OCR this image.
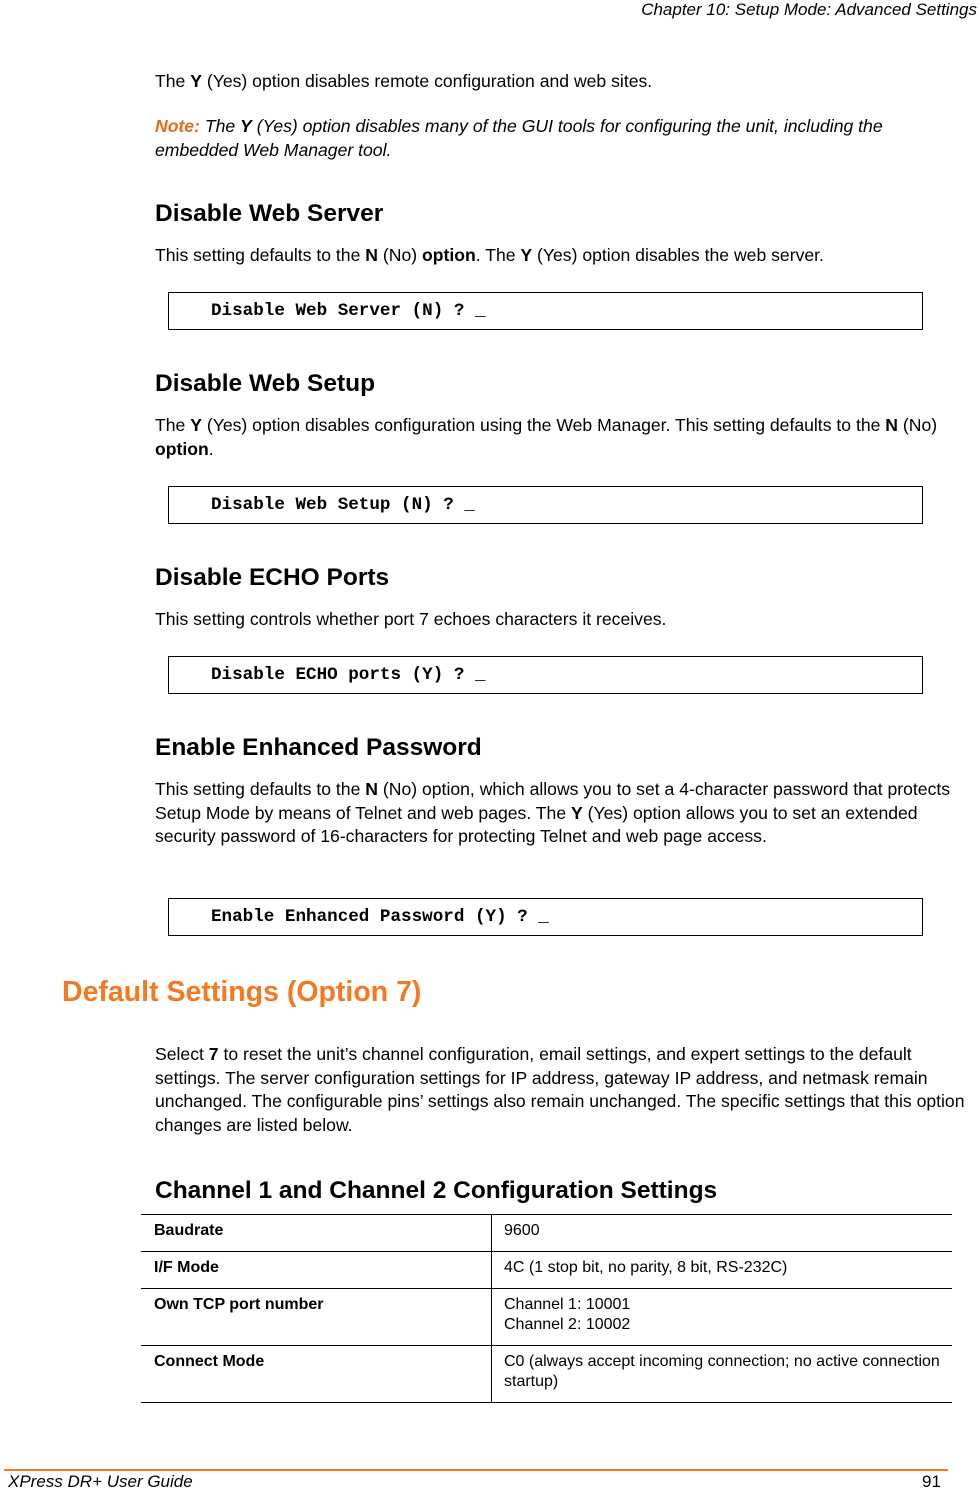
Chapter 10: Setup Mode: Advanced Settings
The Y (Yes) option disables remote configuration and web sites.
Note: The Y (Yes) option disables many of the GUI tools for configuring the unit, including the embedded Web Manager tool.
Disable Web Server
This setting defaults to the N (No) option. The Y (Yes) option disables the web server.
Disable Web Server (N) ? _
Disable Web Setup
The Y (Yes) option disables configuration using the Web Manager. This setting defaults to the N (No) option.
Disable Web Setup (N) ? _
Disable ECHO Ports
This setting controls whether port 7 echoes characters it receives.
Disable ECHO ports (Y) ? _
Enable Enhanced Password
This setting defaults to the N (No) option, which allows you to set a 4-character password that protects Setup Mode by means of Telnet and web pages. The Y (Yes) option allows you to set an extended security password of 16-characters for protecting Telnet and web page access.
Enable Enhanced Password (Y) ? _
Default Settings (Option 7)
Select 7 to reset the unit’s channel configuration, email settings, and expert settings to the default settings. The server configuration settings for IP address, gateway IP address, and netmask remain unchanged. The configurable pins’ settings also remain unchanged. The specific settings that this option changes are listed below.
Channel 1 and Channel 2 Configuration Settings
Baudrate	9600
I/F Mode	4C (1 stop bit, no parity, 8 bit, RS-232C)
Own TCP port number	Channel 1: 10001
Channel 2: 10002

Connect Mode	C0 (always accept incoming connection; no active connection startup)
XPress DR+ User Guide	91
